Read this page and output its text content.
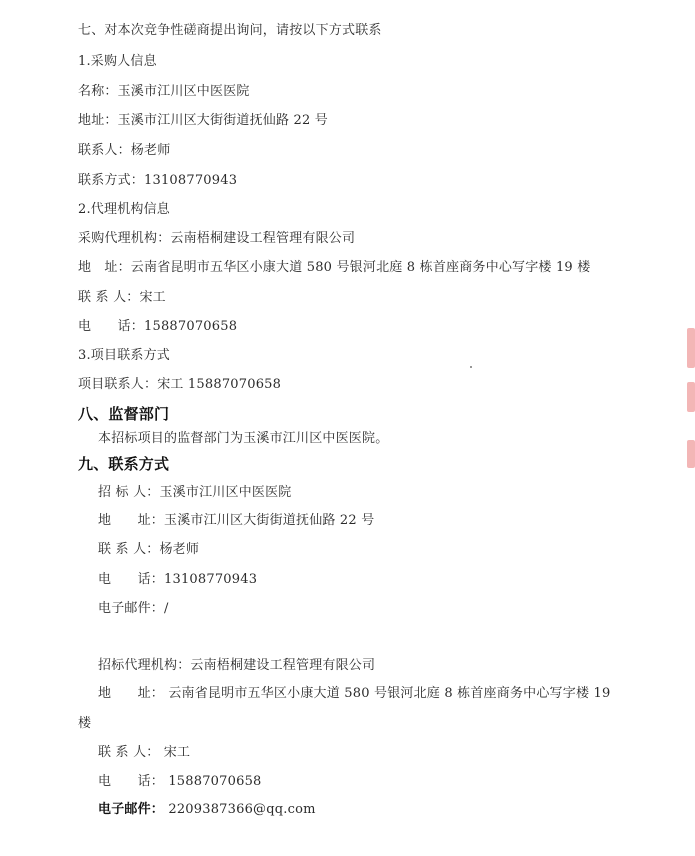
七、对本次竞争性磋商提出询问，请按以下方式联系
1.采购人信息
名称：玉溪市江川区中医医院
地址：玉溪市江川区大街街道抚仙路 22 号
联系人：杨老师
联系方式：13108770943
2.代理机构信息
采购代理机构：云南梧桐建设工程管理有限公司
地　址：云南省昆明市五华区小康大道 580 号银河北庭 8 栋首座商务中心写字楼 19 楼
联 系 人：宋工
电　　话：15887070658
3.项目联系方式
项目联系人：宋工 15887070658
八、监督部门
本招标项目的监督部门为玉溪市江川区中医医院。
九、联系方式
招 标 人：玉溪市江川区中医医院
地　　址：玉溪市江川区大街街道抚仙路 22 号
联 系 人：杨老师
电　　话：13108770943
电子邮件：/
招标代理机构：云南梧桐建设工程管理有限公司
地　　址： 云南省昆明市五华区小康大道 580 号银河北庭 8 栋首座商务中心写字楼 19
楼
联 系 人： 宋工
电　　话： 15887070658
电子邮件： 2209387366@qq.com
